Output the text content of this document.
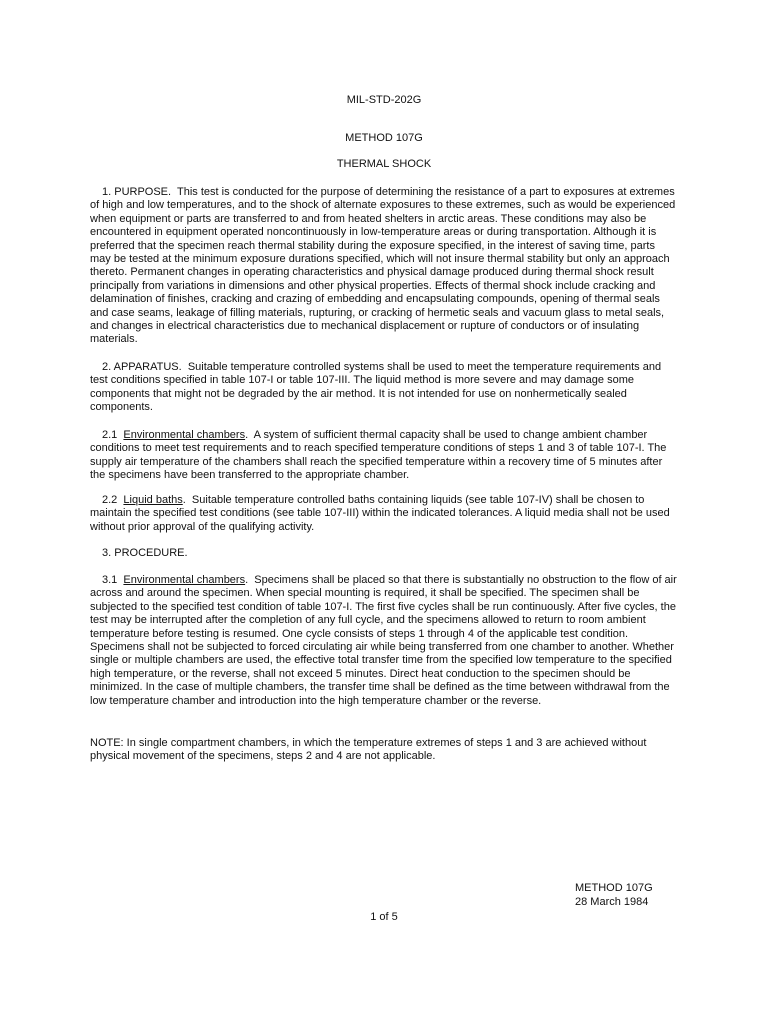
MIL-STD-202G
METHOD 107G
THERMAL SHOCK

1. PURPOSE. This test is conducted for the purpose of determining the resistance of a part to exposures at extremes of high and low temperatures, and to the shock of alternate exposures to these extremes, such as would be experienced when equipment or parts are transferred to and from heated shelters in arctic areas. These conditions may also be encountered in equipment operated noncontinuously in low-temperature areas or during transportation. Although it is preferred that the specimen reach thermal stability during the exposure specified, in the interest of saving time, parts may be tested at the minimum exposure durations specified, which will not insure thermal stability but only an approach thereto. Permanent changes in operating characteristics and physical damage produced during thermal shock result principally from variations in dimensions and other physical properties. Effects of thermal shock include cracking and delamination of finishes, cracking and crazing of embedding and encapsulating compounds, opening of thermal seals and case seams, leakage of filling materials, rupturing, or cracking of hermetic seals and vacuum glass to metal seals, and changes in electrical characteristics due to mechanical displacement or rupture of conductors or of insulating materials.

2. APPARATUS. Suitable temperature controlled systems shall be used to meet the temperature requirements and test conditions specified in table 107-I or table 107-III. The liquid method is more severe and may damage some components that might not be degraded by the air method. It is not intended for use on nonhermetically sealed components.

2.1 Environmental chambers.  A system of sufficient thermal capacity shall be used to change ambient chamber conditions to meet test requirements and to reach specified temperature conditions of steps 1 and 3 of table 107-I. The supply air temperature of the chambers shall reach the specified temperature within a recovery time of 5 minutes after the specimens have been transferred to the appropriate chamber.

2.2 Liquid baths.  Suitable temperature controlled baths containing liquids (see table 107-IV) shall be chosen to maintain the specified test conditions (see table 107-III) within the indicated tolerances. A liquid media shall not be used without prior approval of the qualifying activity.

3. PROCEDURE.

3.1 Environmental chambers.  Specimens shall be placed so that there is substantially no obstruction to the flow of air across and around the specimen. When special mounting is required, it shall be specified. The specimen shall be subjected to the specified test condition of table 107-I. The first five cycles shall be run continuously. After five cycles, the test may be interrupted after the completion of any full cycle, and the specimens allowed to return to room ambient temperature before testing is resumed. One cycle consists of steps 1 through 4 of the applicable test condition. Specimens shall not be subjected to forced circulating air while being transferred from one chamber to another. Whether single or multiple chambers are used, the effective total transfer time from the specified low temperature to the specified high temperature, or the reverse, shall not exceed 5 minutes. Direct heat conduction to the specimen should be minimized. In the case of multiple chambers, the transfer time shall be defined as the time between withdrawal from the low temperature chamber and introduction into the high temperature chamber or the reverse.

NOTE: In single compartment chambers, in which the temperature extremes of steps 1 and 3 are achieved without physical movement of the specimens, steps 2 and 4 are not applicable.

METHOD 107G
28 March 1984
1 of 5
